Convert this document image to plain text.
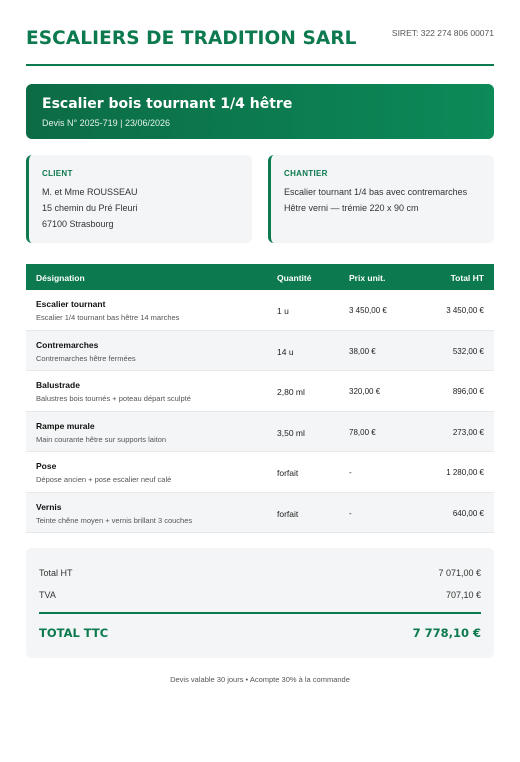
ESCALIERS DE TRADITION SARL	SIRET: 322 274 806 00071
Escalier bois tournant 1/4 hêtre
Devis N° 2025-719 | 23/06/2026
CLIENT
M. et Mme ROUSSEAU
15 chemin du Pré Fleuri
67100 Strasbourg
CHANTIER
Escalier tournant 1/4 bas avec contremarches
Hêtre verni — trémie 220 x 90 cm
Désignation	Quantité	Prix unit.	Total HT
Escalier tournant
Escalier 1/4 tournant bas hêtre 14 marches
1 u	3 450,00 €	3 450,00 €
Contremarches
Contremarches hêtre fermées
14 u	38,00 €	532,00 €
Balustrade
Balustres bois tournés + poteau départ sculpté
2,80 ml	320,00 €	896,00 €
Rampe murale
Main courante hêtre sur supports laiton
3,50 ml	78,00 €	273,00 €
Pose
Dépose ancien + pose escalier neuf calé
forfait	-	1 280,00 €
Vernis
Teinte chêne moyen + vernis brillant 3 couches
forfait	-	640,00 €
Total HT	7 071,00 €
TVA	707,10 €
TOTAL TTC	7 778,10 €
Devis valable 30 jours • Acompte 30% à la commande
